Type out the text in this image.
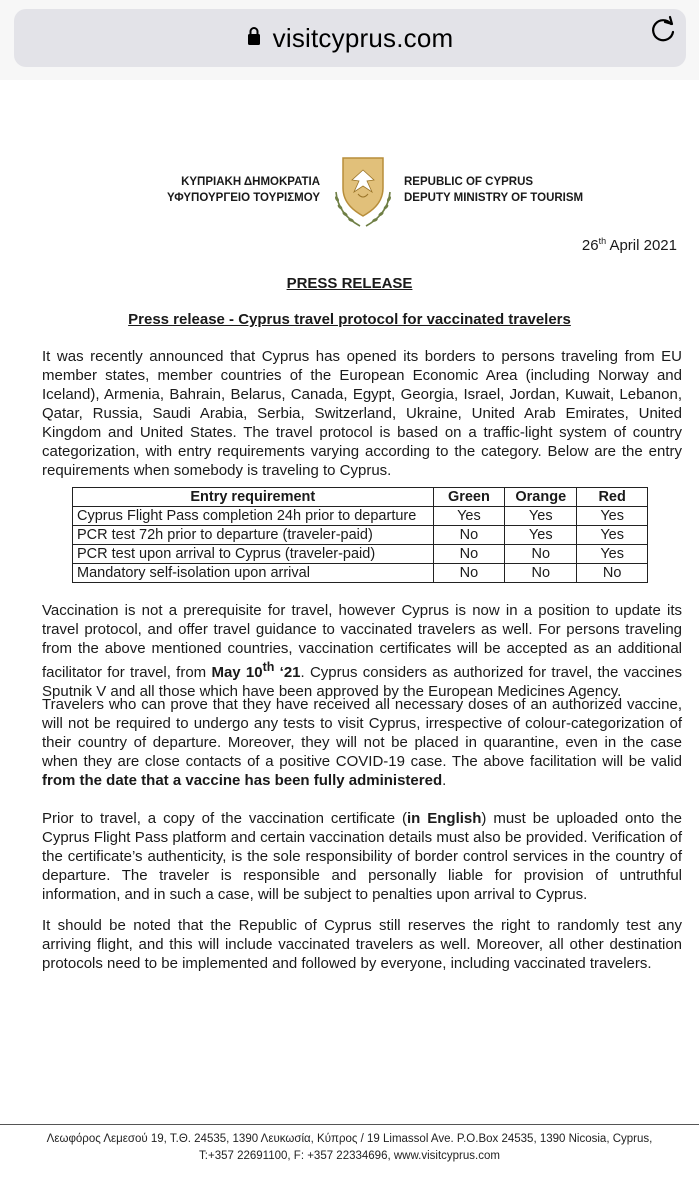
visitcyprus.com
ΚΥΠΡΙΑΚΗ ΔΗΜΟΚΡΑΤΙΑ
ΥΦΥΠΟΥΡΓΕΙΟ ΤΟΥΡΙΣΜΟΥ
REPUBLIC OF CYPRUS
DEPUTY MINISTRY OF TOURISM
26th April 2021
PRESS RELEASE
Press release - Cyprus travel protocol for vaccinated travelers
It was recently announced that Cyprus has opened its borders to persons traveling from EU member states, member countries of the European Economic Area (including Norway and Iceland), Armenia, Bahrain, Belarus, Canada, Egypt, Georgia, Israel, Jordan, Kuwait, Lebanon, Qatar, Russia, Saudi Arabia, Serbia, Switzerland, Ukraine, United Arab Emirates, United Kingdom and United States. The travel protocol is based on a traffic-light system of country categorization, with entry requirements varying according to the category. Below are the entry requirements when somebody is traveling to Cyprus.
Entry requirement	Green	Orange	Red
Cyprus Flight Pass completion 24h prior to departure	Yes	Yes	Yes
PCR test 72h prior to departure (traveler-paid)	No	Yes	Yes
PCR test upon arrival to Cyprus (traveler-paid)	No	No	Yes
Mandatory self-isolation upon arrival	No	No	No
Vaccination is not a prerequisite for travel, however Cyprus is now in a position to update its travel protocol, and offer travel guidance to vaccinated travelers as well. For persons traveling from the above mentioned countries, vaccination certificates will be accepted as an additional facilitator for travel, from May 10th ‘21. Cyprus considers as authorized for travel, the vaccines Sputnik V and all those which have been approved by the European Medicines Agency.
Travelers who can prove that they have received all necessary doses of an authorized vaccine, will not be required to undergo any tests to visit Cyprus, irrespective of colour-categorization of their country of departure. Moreover, they will not be placed in quarantine, even in the case when they are close contacts of a positive COVID-19 case. The above facilitation will be valid from the date that a vaccine has been fully administered.
Prior to travel, a copy of the vaccination certificate (in English) must be uploaded onto the Cyprus Flight Pass platform and certain vaccination details must also be provided. Verification of the certificate’s authenticity, is the sole responsibility of border control services in the country of departure. The traveler is responsible and personally liable for provision of untruthful information, and in such a case, will be subject to penalties upon arrival to Cyprus.
It should be noted that the Republic of Cyprus still reserves the right to randomly test any arriving flight, and this will include vaccinated travelers as well. Moreover, all other destination protocols need to be implemented and followed by everyone, including vaccinated travelers.
Λεωφόρος Λεμεσού 19, Τ.Θ. 24535, 1390 Λευκωσία, Κύπρος / 19 Limassol Ave. P.O.Box 24535, 1390 Nicosia, Cyprus,
T:+357 22691100, F: +357 22334696, www.visitcyprus.com
